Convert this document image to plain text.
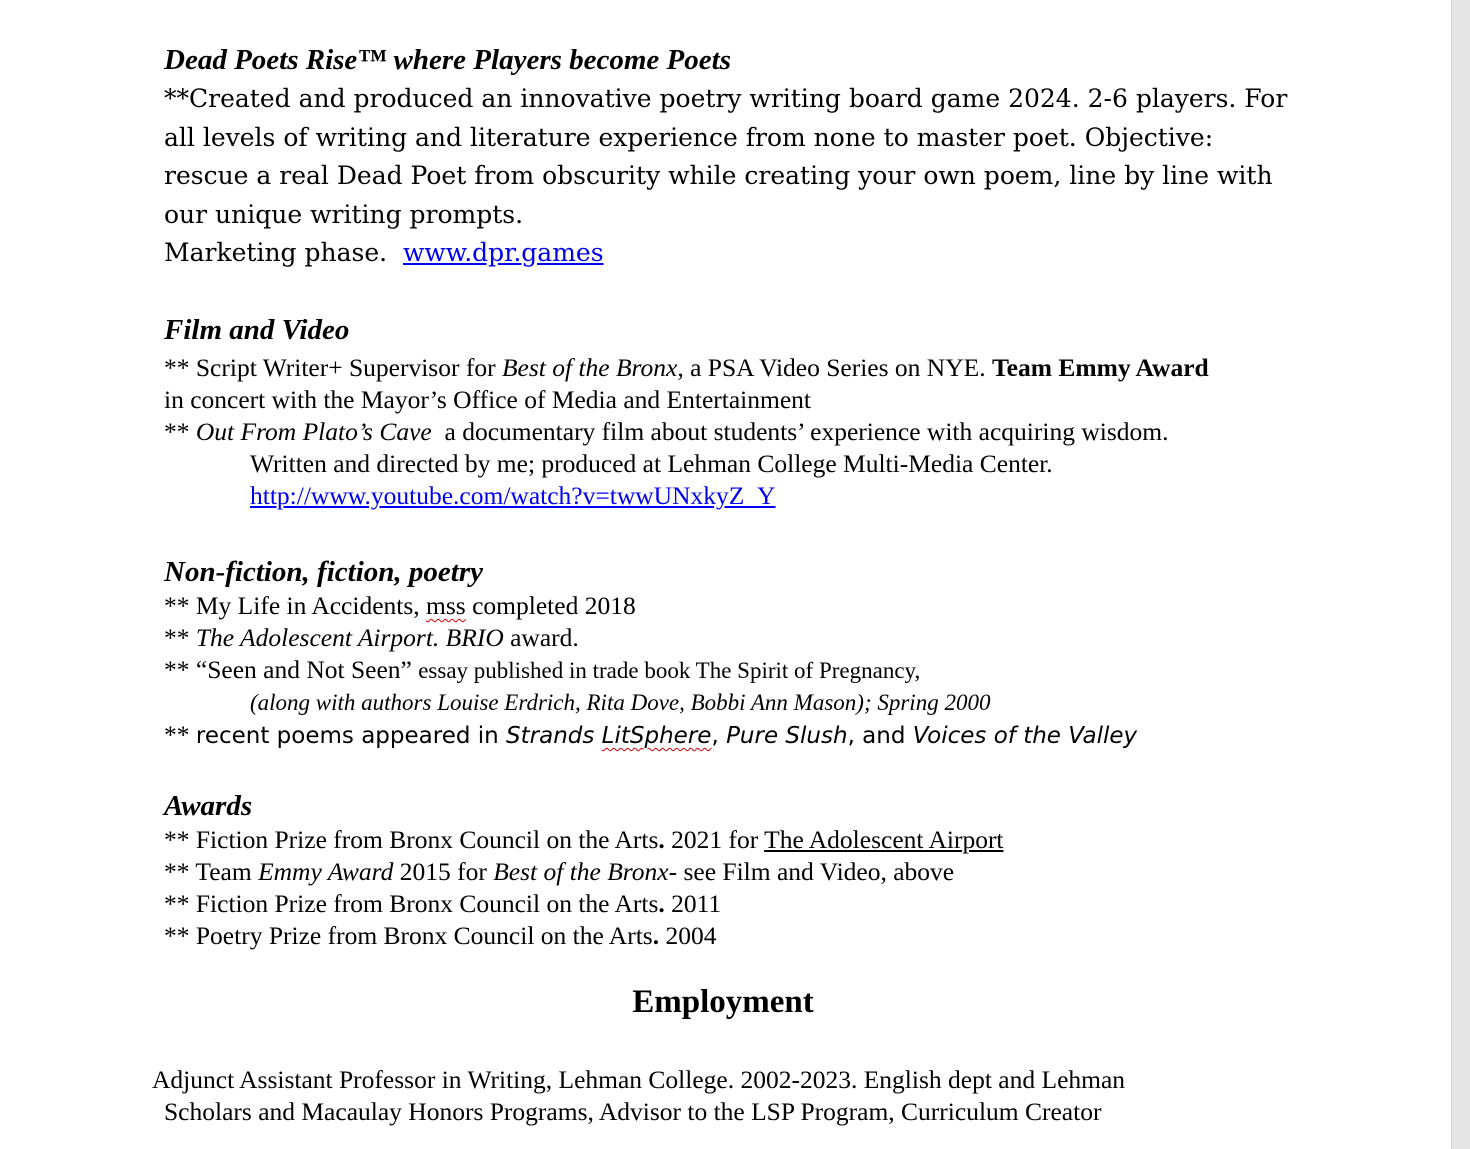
Dead Poets Rise™ where Players become Poets
**Created and produced an innovative poetry writing board game 2024. 2-6 players. For
all levels of writing and literature experience from none to master poet. Objective:
rescue a real Dead Poet from obscurity while creating your own poem, line by line with
our unique writing prompts.
Marketing phase.  www.dpr.games
Film and Video
** Script Writer+ Supervisor for Best of the Bronx, a PSA Video Series on NYE. Team Emmy Award
in concert with the Mayor’s Office of Media and Entertainment
** Out From Plato’s Cave  a documentary film about students’ experience with acquiring wisdom.
Written and directed by me; produced at Lehman College Multi-Media Center.
http://www.youtube.com/watch?v=twwUNxkyZ_Y
Non-fiction, fiction, poetry
** My Life in Accidents, mss completed 2018
** The Adolescent Airport. BRIO award.
** “Seen and Not Seen” essay published in trade book The Spirit of Pregnancy,
(along with authors Louise Erdrich, Rita Dove, Bobbi Ann Mason); Spring 2000
** recent poems appeared in Strands LitSphere, Pure Slush, and Voices of the Valley
Awards
** Fiction Prize from Bronx Council on the Arts. 2021 for The Adolescent Airport
** Team Emmy Award 2015 for Best of the Bronx- see Film and Video, above
** Fiction Prize from Bronx Council on the Arts. 2011
** Poetry Prize from Bronx Council on the Arts. 2004
Employment
Adjunct Assistant Professor in Writing, Lehman College. 2002-2023. English dept and Lehman
Scholars and Macaulay Honors Programs, Advisor to the LSP Program, Curriculum Creator
